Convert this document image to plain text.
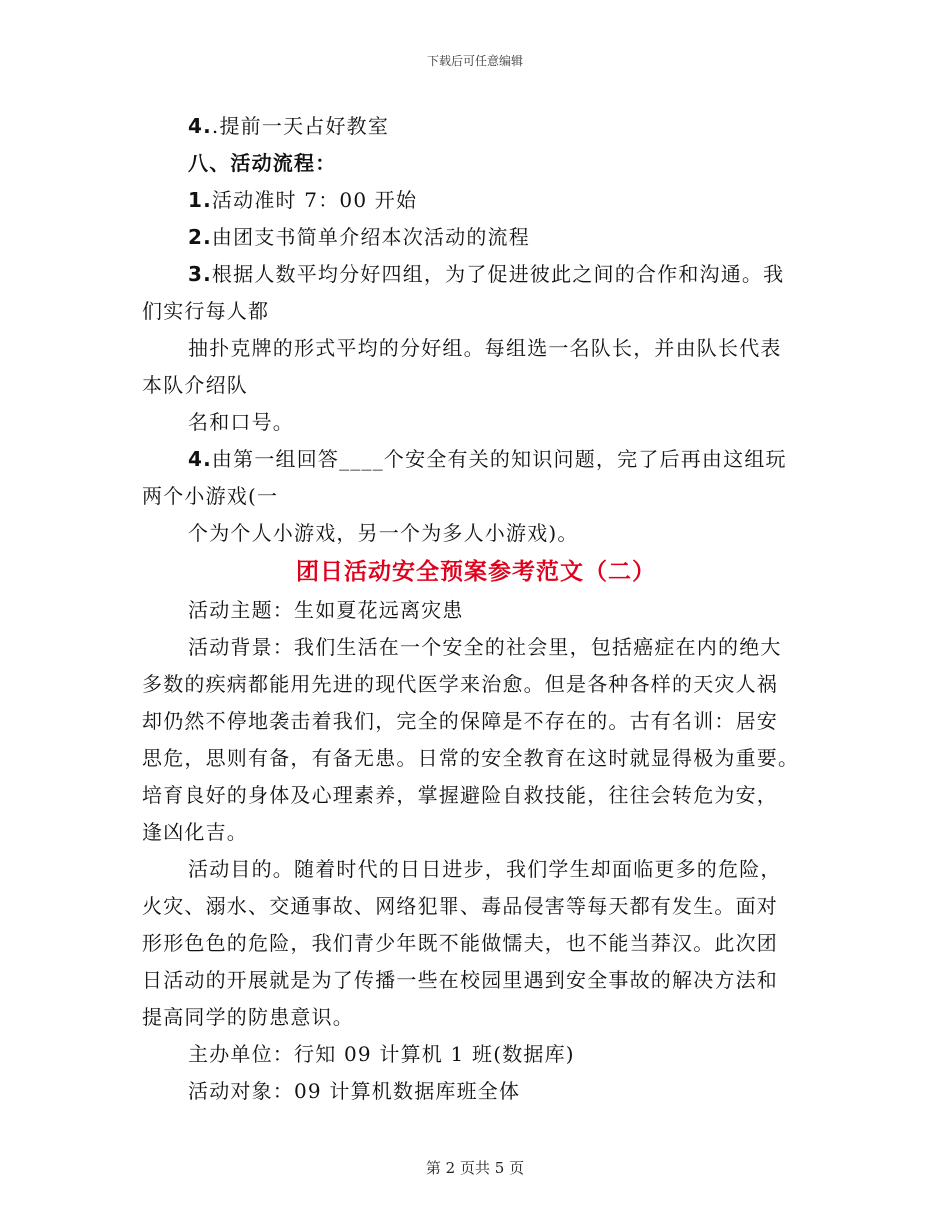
下载后可任意编辑
4..提前一天占好教室
八、活动流程：
1.活动准时 7：00 开始
2.由团支书简单介绍本次活动的流程
3.根据人数平均分好四组，为了促进彼此之间的合作和沟通。我
们实行每人都
抽扑克牌的形式平均的分好组。每组选一名队长，并由队长代表
本队介绍队
名和口号。
4.由第一组回答____个安全有关的知识问题，完了后再由这组玩
两个小游戏(一
个为个人小游戏，另一个为多人小游戏)。
团日活动安全预案参考范文（二）
活动主题：生如夏花远离灾患
活动背景：我们生活在一个安全的社会里，包括癌症在内的绝大
多数的疾病都能用先进的现代医学来治愈。但是各种各样的天灾人祸
却仍然不停地袭击着我们，完全的保障是不存在的。古有名训：居安
思危，思则有备，有备无患。日常的安全教育在这时就显得极为重要。
培育良好的身体及心理素养，掌握避险自救技能，往往会转危为安，
逢凶化吉。
活动目的。随着时代的日日进步，我们学生却面临更多的危险，
火灾、溺水、交通事故、网络犯罪、毒品侵害等每天都有发生。面对
形形色色的危险，我们青少年既不能做懦夫，也不能当莽汉。此次团
日活动的开展就是为了传播一些在校园里遇到安全事故的解决方法和
提高同学的防患意识。
主办单位：行知 09 计算机 1 班(数据库)
活动对象：09 计算机数据库班全体
第 2 页共 5 页
